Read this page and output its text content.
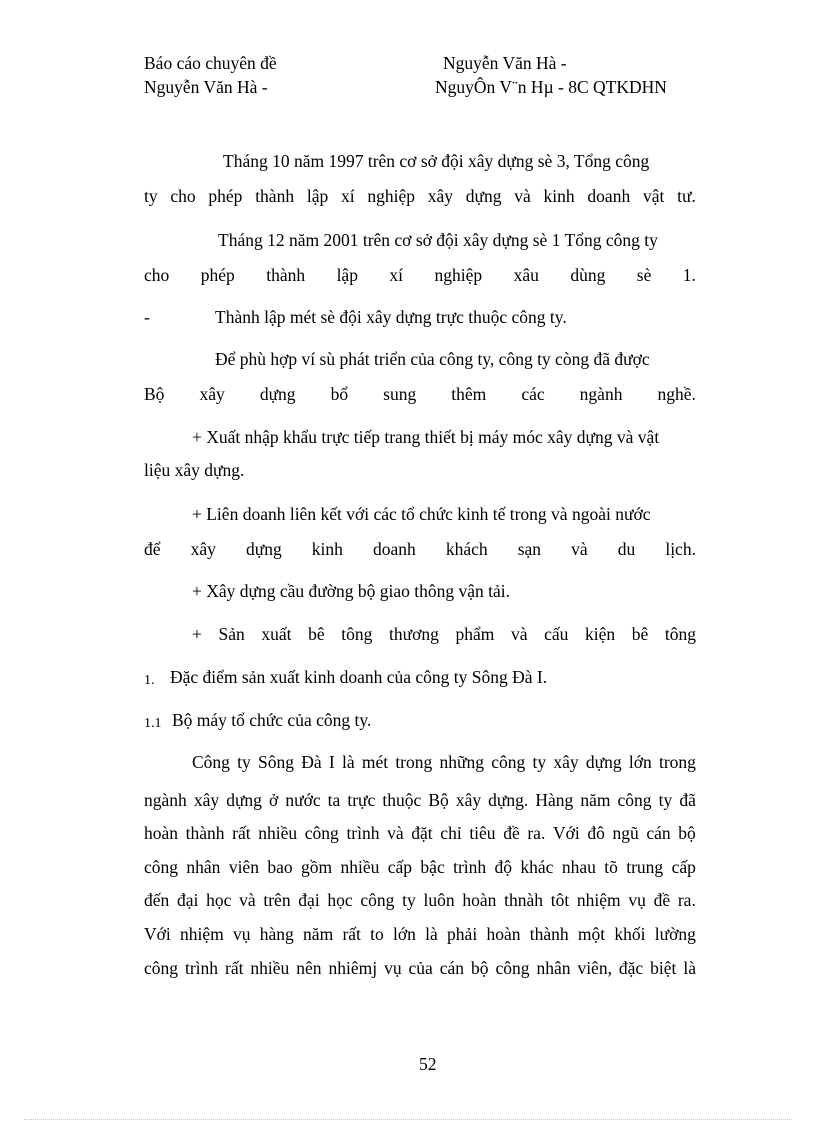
Báo cáo chuyên đề	Nguyễn Văn Hà -
Nguyễn Văn Hà -	NguyÔn V¨n Hµ - 8C QTKDHN
Tháng 10 năm 1997 trên cơ sở đội xây dựng sè 3, Tổng công
ty cho phép thành lập xí nghiệp xây dựng và kinh doanh vật tư.
Tháng 12 năm 2001 trên cơ sở đội xây dựng sè 1 Tổng công ty
cho phép thành lập xí nghiệp xâu dùng sè 1.
-	Thành lập mét sè đội xây dựng trực thuộc công ty.
Để phù hợp ví sù phát triển của công ty, công ty còng đã được
Bộ xây dựng bổ sung thêm các ngành nghề.
+ Xuất nhập khẩu trực tiếp trang thiết bị máy móc xây dựng và vật
liệu xây dựng.
+ Liên doanh liên kết với các tổ chức kinh tế trong và ngoài nước
để xây dựng kinh doanh khách sạn và du lịch.
+ Xây dựng cầu đường bộ giao thông vận tải.
+ Sản xuất bê tông thương phẩm và cấu kiện bê tông
1. Đặc điểm sản xuất kinh doanh của công ty Sông Đà I.
1.1 Bộ máy tổ chức của công ty.
Công ty Sông Đà I là mét trong những công ty xây dựng lớn trong
ngành xây dựng ở nước ta trực thuộc Bộ xây dựng. Hàng năm công ty đã
hoàn thành rất nhiều công trình và đặt chỉ tiêu đề ra. Với đô ngũ cán bộ
công nhân viên bao gồm nhiều cấp bậc trình độ khác nhau tõ trung cấp
đến đại học và trên đại học công ty luôn hoàn thnàh tôt nhiệm vụ đề ra.
Với nhiệm vụ hàng năm rất to lớn là phải hoàn thành một khối lường
công trình rất nhiều nên nhiêmj vụ của cán bộ công nhân viên, đặc biệt là
52
